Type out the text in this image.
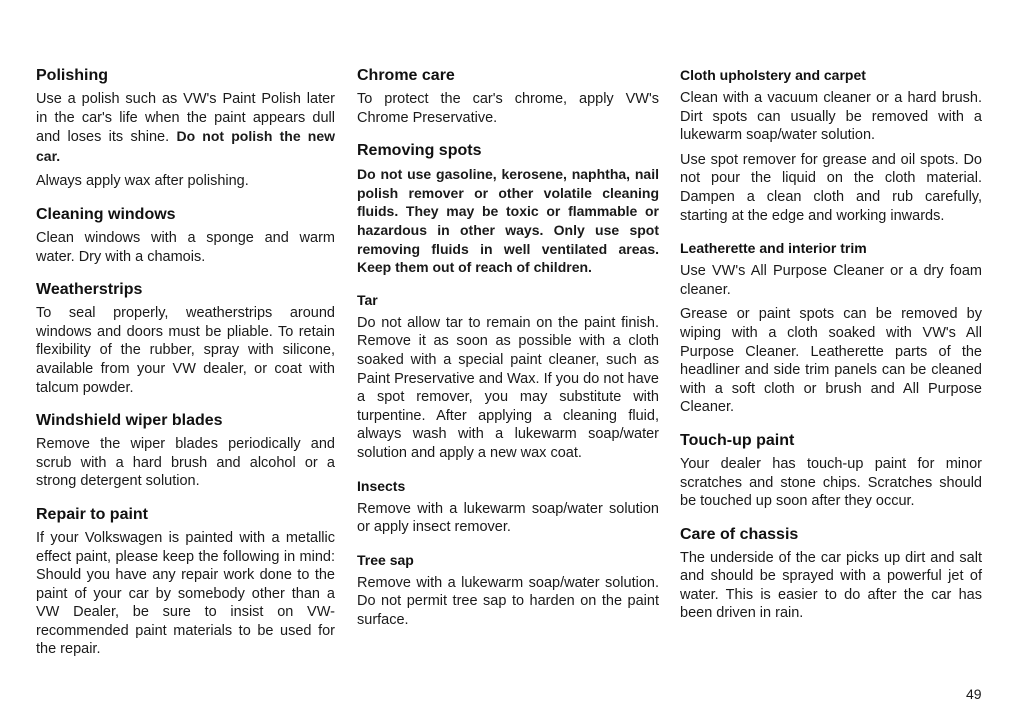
Polishing

Use a polish such as VW's Paint Polish later in the car's life when the paint appears dull and loses its shine. Do not polish the new car.

Always apply wax after polishing.

Cleaning windows

Clean windows with a sponge and warm water. Dry with a chamois.

Weatherstrips

To seal properly, weatherstrips around windows and doors must be pliable. To retain flexibility of the rubber, spray with silicone, available from your VW dealer, or coat with talcum powder.

Windshield wiper blades

Remove the wiper blades periodically and scrub with a hard brush and alcohol or a strong detergent solution.

Repair to paint

If your Volkswagen is painted with a metallic effect paint, please keep the following in mind: Should you have any repair work done to the paint of your car by somebody other than a VW Dealer, be sure to insist on VW-recommended paint materials to be used for the repair.

Chrome care

To protect the car's chrome, apply VW's Chrome Preservative.

Removing spots

Do not use gasoline, kerosene, naphtha, nail polish remover or other volatile cleaning fluids. They may be toxic or flammable or hazardous in other ways. Only use spot removing fluids in well ventilated areas. Keep them out of reach of children.

Tar

Do not allow tar to remain on the paint finish. Remove it as soon as possible with a cloth soaked with a special paint cleaner, such as Paint Preservative and Wax. If you do not have a spot remover, you may substitute with turpentine. After applying a cleaning fluid, always wash with a lukewarm soap/water solution and apply a new wax coat.

Insects

Remove with a lukewarm soap/water solution or apply insect remover.

Tree sap

Remove with a lukewarm soap/water solution. Do not permit tree sap to harden on the paint surface.

Cloth upholstery and carpet

Clean with a vacuum cleaner or a hard brush. Dirt spots can usually be removed with a lukewarm soap/water solution.

Use spot remover for grease and oil spots. Do not pour the liquid on the cloth material. Dampen a clean cloth and rub carefully, starting at the edge and working inwards.

Leatherette and interior trim

Use VW's All Purpose Cleaner or a dry foam cleaner.

Grease or paint spots can be removed by wiping with a cloth soaked with VW's All Purpose Cleaner. Leatherette parts of the headliner and side trim panels can be cleaned with a soft cloth or brush and All Purpose Cleaner.

Touch-up paint

Your dealer has touch-up paint for minor scratches and stone chips. Scratches should be touched up soon after they occur.

Care of chassis

The underside of the car picks up dirt and salt and should be sprayed with a powerful jet of water. This is easier to do after the car has been driven in rain.

49
